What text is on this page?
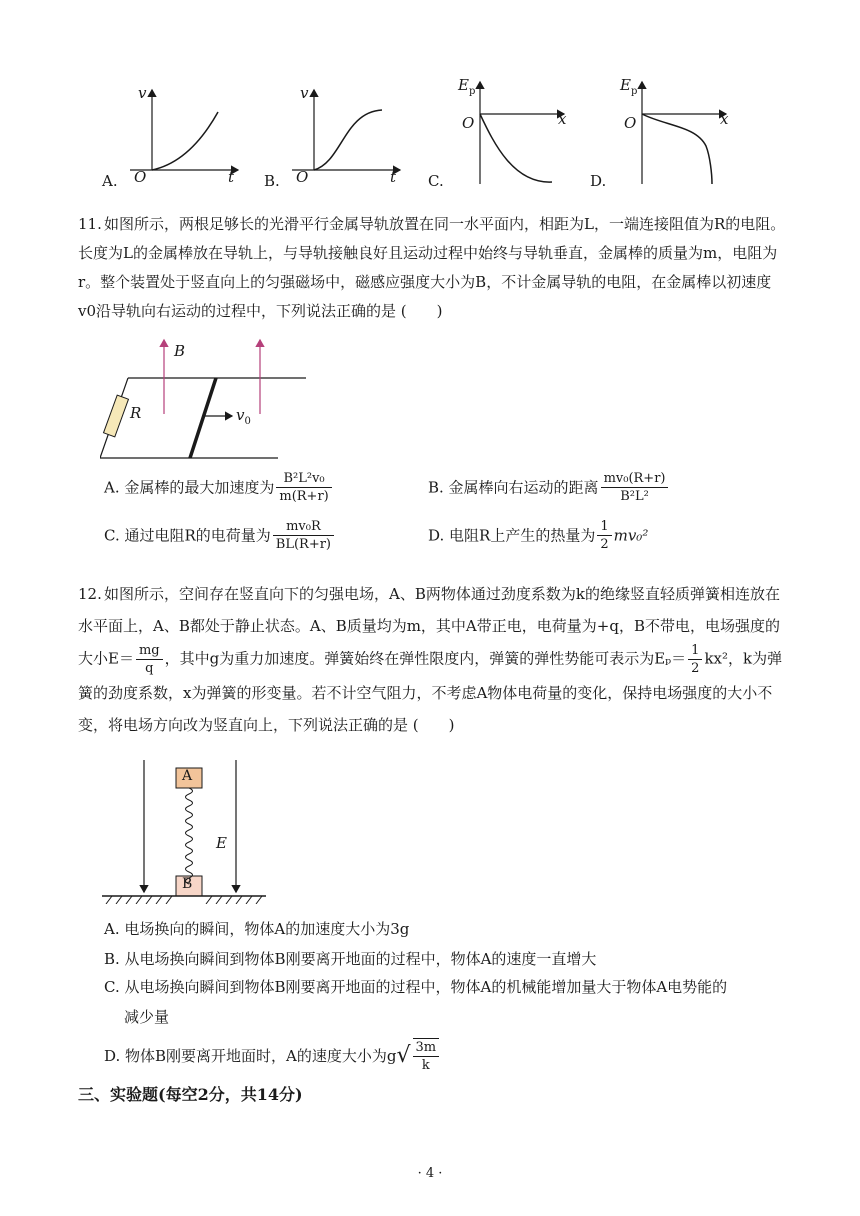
A.
v
t
O	B.
v
t
O	C.
$E_p$
x
O
D.
$E_p$
x
O
11. 如图所示，两根足够长的光滑平行金属导轨放置在同一水平面内，相距为L，一端连接阻值为R的电阻。长度为L的金属棒放在导轨上，与导轨接触良好且运动过程中始终与导轨垂直，金属棒的质量为m，电阻为r。整个装置处于竖直向上的匀强磁场中，磁感应强度大小为B，不计金属导轨的电阻，在金属棒以初速度v0沿导轨向右运动的过程中，下列说法正确的是 (　　)
B
R	$v_0$
A. 金属棒的最大加速度为 $\frac{\text{B²L²v₀}}{m(R+r)}$	B. 金属棒向右运动的距离 $\frac{\text{mv₀(R+r)}}{\text{B²L²}}$
C. 通过电阻R的电荷量为 $\frac{\text{mv₀R}}{BL(R+r)}$	D. 电阻R上产生的热量为 $\frac{1}{2} mv_0^2$
12. 如图所示，空间存在竖直向下的匀强电场，A、B两物体通过劲度系数为k的绝缘竖直轻质弹簧相连放在水平面上，A、B都处于静止状态。A、B质量均为m，其中A带正电，电荷量为+q，B不带电，电场强度的大小$E= \frac{mg}{q}$ ，其中g为重力加速度。弹簧始终在弹性限度内，弹簧的弹性势能可表示为$E_p= \frac{1}{2} kx^2$，k为弹簧的劲度系数，x为弹簧的形变量。若不计空气阻力，不考虑A物体电荷量的变化，保持电场强度的大小不变，将电场方向改为竖直向上，下列说法正确的是 (　　)
A
B
E
A. 电场换向的瞬间，物体A的加速度大小为3g
B. 从电场换向瞬间到物体B刚要离开地面的过程中，物体A的速度一直增大
C. 从电场换向瞬间到物体B刚要离开地面的过程中，物体A的机械能增加量大于物体A电势能的
减少量
D. 物体B刚要离开地面时，A的速度大小为$g√ \frac{3m}{k}$
三、实验题(每空2分，共14分)
· 4 ·
